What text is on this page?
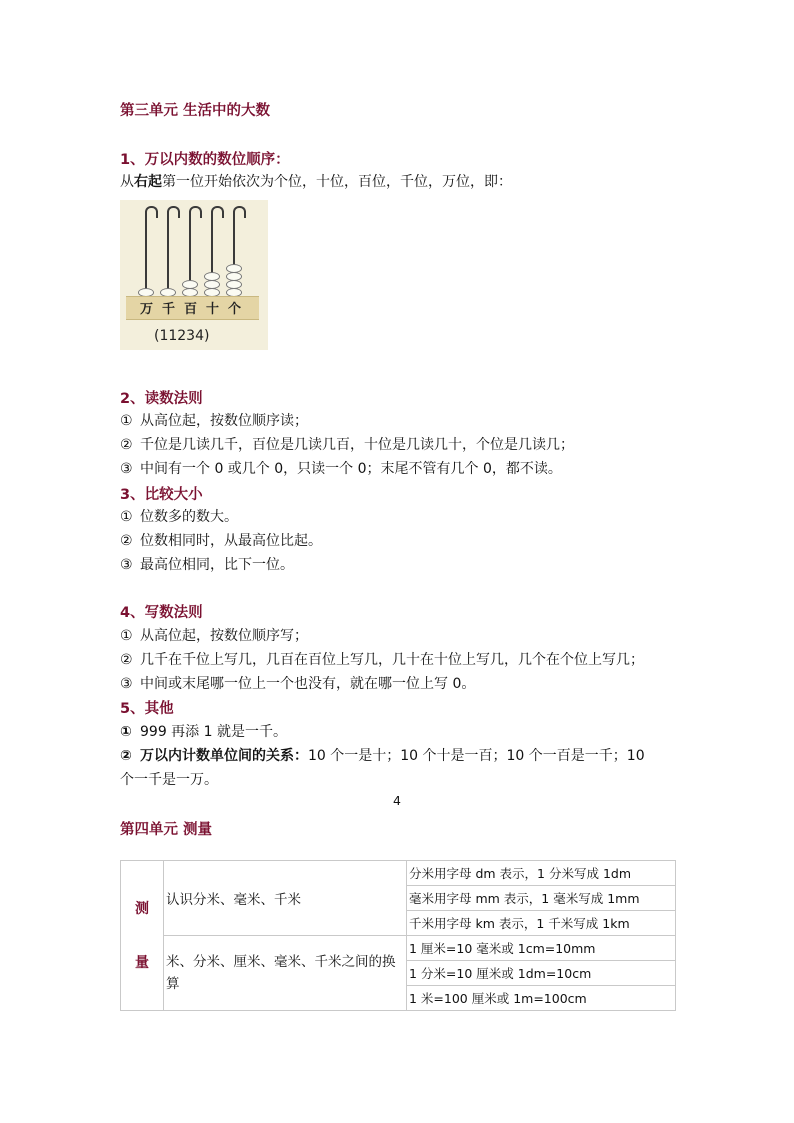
第三单元 生活中的大数
1、万以内数的数位顺序：
从右起第一位开始依次为个位，十位，百位，千位，万位，即：
万 千 百 十 个
(11234)
2、读数法则
① 从高位起，按数位顺序读；
② 千位是几读几千，百位是几读几百，十位是几读几十，个位是几读几；
③ 中间有一个 0 或几个 0，只读一个 0；末尾不管有几个 0，都不读。
3、比较大小
① 位数多的数大。
② 位数相同时，从最高位比起。
③ 最高位相同，比下一位。
4、写数法则
① 从高位起，按数位顺序写；
② 几千在千位上写几，几百在百位上写几，几十在十位上写几，几个在个位上写几；
③ 中间或末尾哪一位上一个也没有，就在哪一位上写 0。
5、其他
① 999 再添 1 就是一千。
② 万以内计数单位间的关系：10 个一是十；10 个十是一百；10 个一百是一千；10
个一千是一万。
4
第四单元 测量
测
量	认识分米、毫米、千米	分米用字母 dm 表示，1 分米写成 1dm
		毫米用字母 mm 表示，1 毫米写成 1mm
		千米用字母 km 表示，1 千米写成 1km
	米、分米、厘米、毫米、千米之间的换算	1 厘米=10 毫米或 1cm=10mm
		1 分米=10 厘米或 1dm=10cm
		1 米=100 厘米或 1m=100cm
